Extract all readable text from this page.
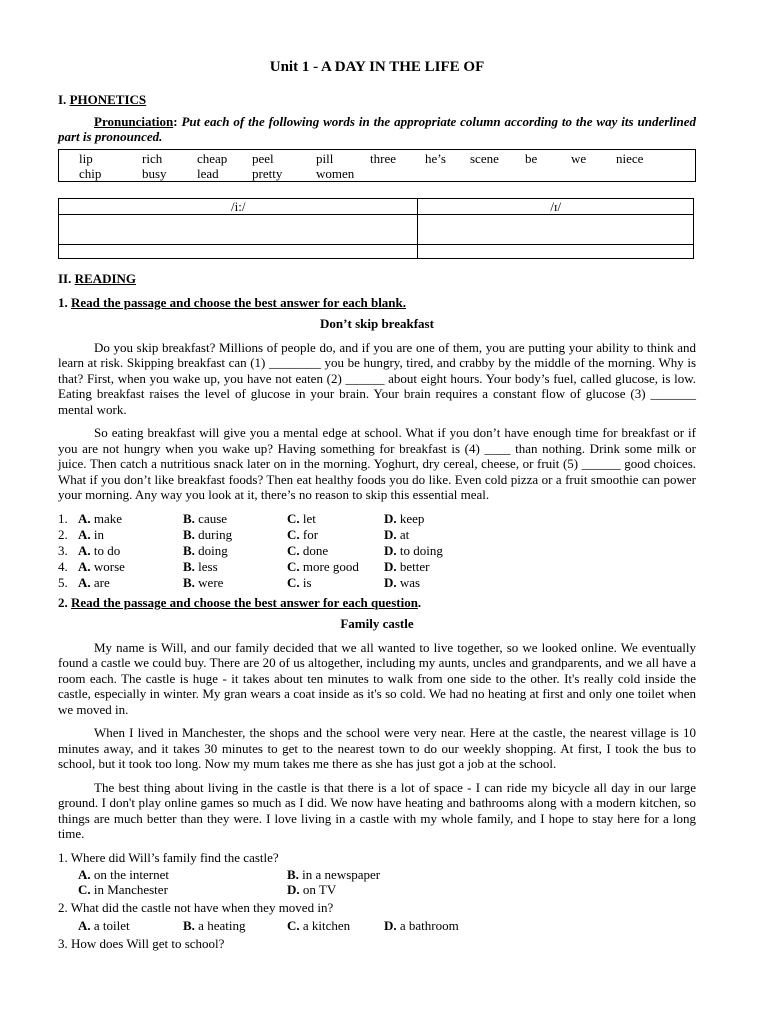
Unit 1 - A DAY IN THE LIFE OF
I. PHONETICS
Pronunciation: Put each of the following words in the appropriate column according to the way its underlined part is pronounced.
lip	rich	cheap peel	pill	three he’s scene be	we niece
chip	busy lead	pretty	women
/i:/	/ɪ/

II. READING
1. Read the passage and choose the best answer for each blank.
Don’t skip breakfast

Do you skip breakfast? Millions of people do, and if you are one of them, you are putting your ability to think and learn at risk. Skipping breakfast can (1) ________ you be hungry, tired, and crabby by the middle of the morning. Why is that? First, when you wake up, you have not eaten (2) ______ about eight hours. Your body’s fuel, called glucose, is low. Eating breakfast raises the level of glucose in your brain. Your brain requires a constant flow of glucose (3) _______ mental work.

So eating breakfast will give you a mental edge at school. What if you don’t have enough time for breakfast or if you are not hungry when you wake up? Having something for breakfast is (4) ____ than nothing. Drink some milk or juice. Then catch a nutritious snack later on in the morning. Yoghurt, dry cereal, cheese, or fruit (5) ______ good choices. What if you don’t like breakfast foods? Then eat healthy foods you do like. Even cold pizza or a fruit smoothie can power your morning. Any way you look at it, there’s no reason to skip this essential meal.

1. A. make	B. cause	C. let	D. keep
2. A. in	B. during	C. for	D. at
3. A. to do	B. doing	C. done	D. to doing
4. A. worse	B. less	C. more good D. better
5. A. are	B. were	C. is	D. was
2. Read the passage and choose the best answer for each question.
Family castle

My name is Will, and our family decided that we all wanted to live together, so we looked online. We eventually found a castle we could buy. There are 20 of us altogether, including my aunts, uncles and grandparents, and we all have a room each. The castle is huge - it takes about ten minutes to walk from one side to the other. It's really cold inside the castle, especially in winter. My gran wears a coat inside as it's so cold. We had no heating at first and only one toilet when we moved in.

When I lived in Manchester, the shops and the school were very near. Here at the castle, the nearest village is 10 minutes away, and it takes 30 minutes to get to the nearest town to do our weekly shopping. At first, I took the bus to school, but it took too long. Now my mum takes me there as she has just got a job at the school.

The best thing about living in the castle is that there is a lot of space - I can ride my bicycle all day in our large ground. I don't play online games so much as I did. We now have heating and bathrooms along with a modern kitchen, so things are much better than they were. I love living in a castle with my whole family, and I hope to stay here for a long time.

1. Where did Will’s family find the castle?
A. on the internet	B. in a newspaper
C. in Manchester	D. on TV
2. What did the castle not have when they moved in?
A. a toilet	B. a heating	C. a kitchen	D. a bathroom
3. How does Will get to school?
